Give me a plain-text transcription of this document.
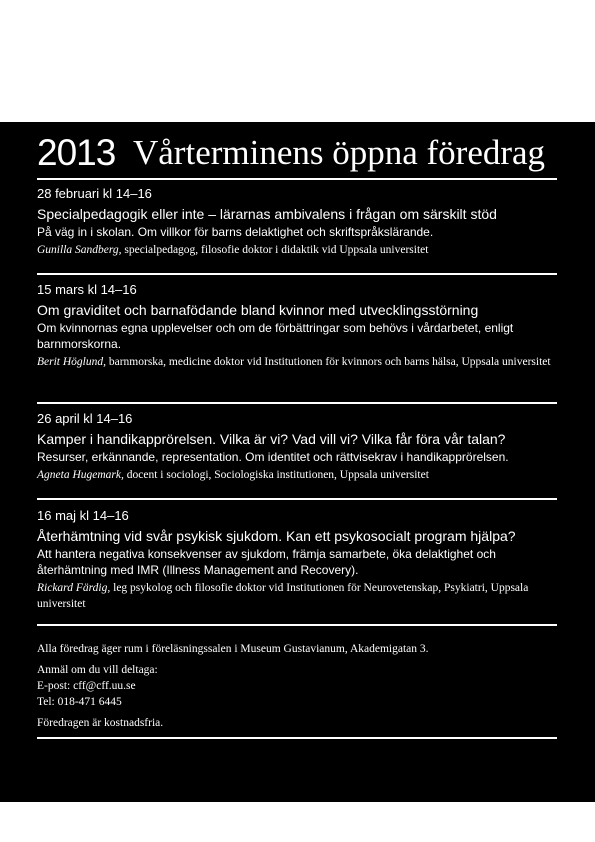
2013 Vårterminens öppna föredrag
28 februari kl 14–16
Specialpedagogik eller inte – lärarnas ambivalens i frågan om särskilt stöd
På väg in i skolan. Om villkor för barns delaktighet och skriftspråkslärande.
Gunilla Sandberg, specialpedagog, filosofie doktor i didaktik vid Uppsala universitet
15 mars kl 14–16
Om graviditet och barnafödande bland kvinnor med utvecklingsstörning
Om kvinnornas egna upplevelser och om de förbättringar som behövs i vårdarbetet, enligt barnmorskorna.
Berit Höglund, barnmorska, medicine doktor vid Institutionen för kvinnors och barns hälsa, Uppsala universitet
26 april kl 14–16
Kamper i handikapprörelsen. Vilka är vi? Vad vill vi? Vilka får föra vår talan?
Resurser, erkännande, representation. Om identitet och rättvisekrav i handikapprörelsen.
Agneta Hugemark, docent i sociologi, Sociologiska institutionen, Uppsala universitet
16 maj kl 14–16
Återhämtning vid svår psykisk sjukdom. Kan ett psykosocialt program hjälpa?
Att hantera negativa konsekvenser av sjukdom, främja samarbete, öka delaktighet och återhämtning med IMR (Illness Management and Recovery).
Rickard Färdig, leg psykolog och filosofie doktor vid Institutionen för Neurovetenskap, Psykiatri, Uppsala universitet
Alla föredrag äger rum i föreläsningssalen i Museum Gustavianum, Akademigatan 3.
Anmäl om du vill deltaga:
E-post: cff@cff.uu.se
Tel: 018-471 6445
Föredragen är kostnadsfria.
